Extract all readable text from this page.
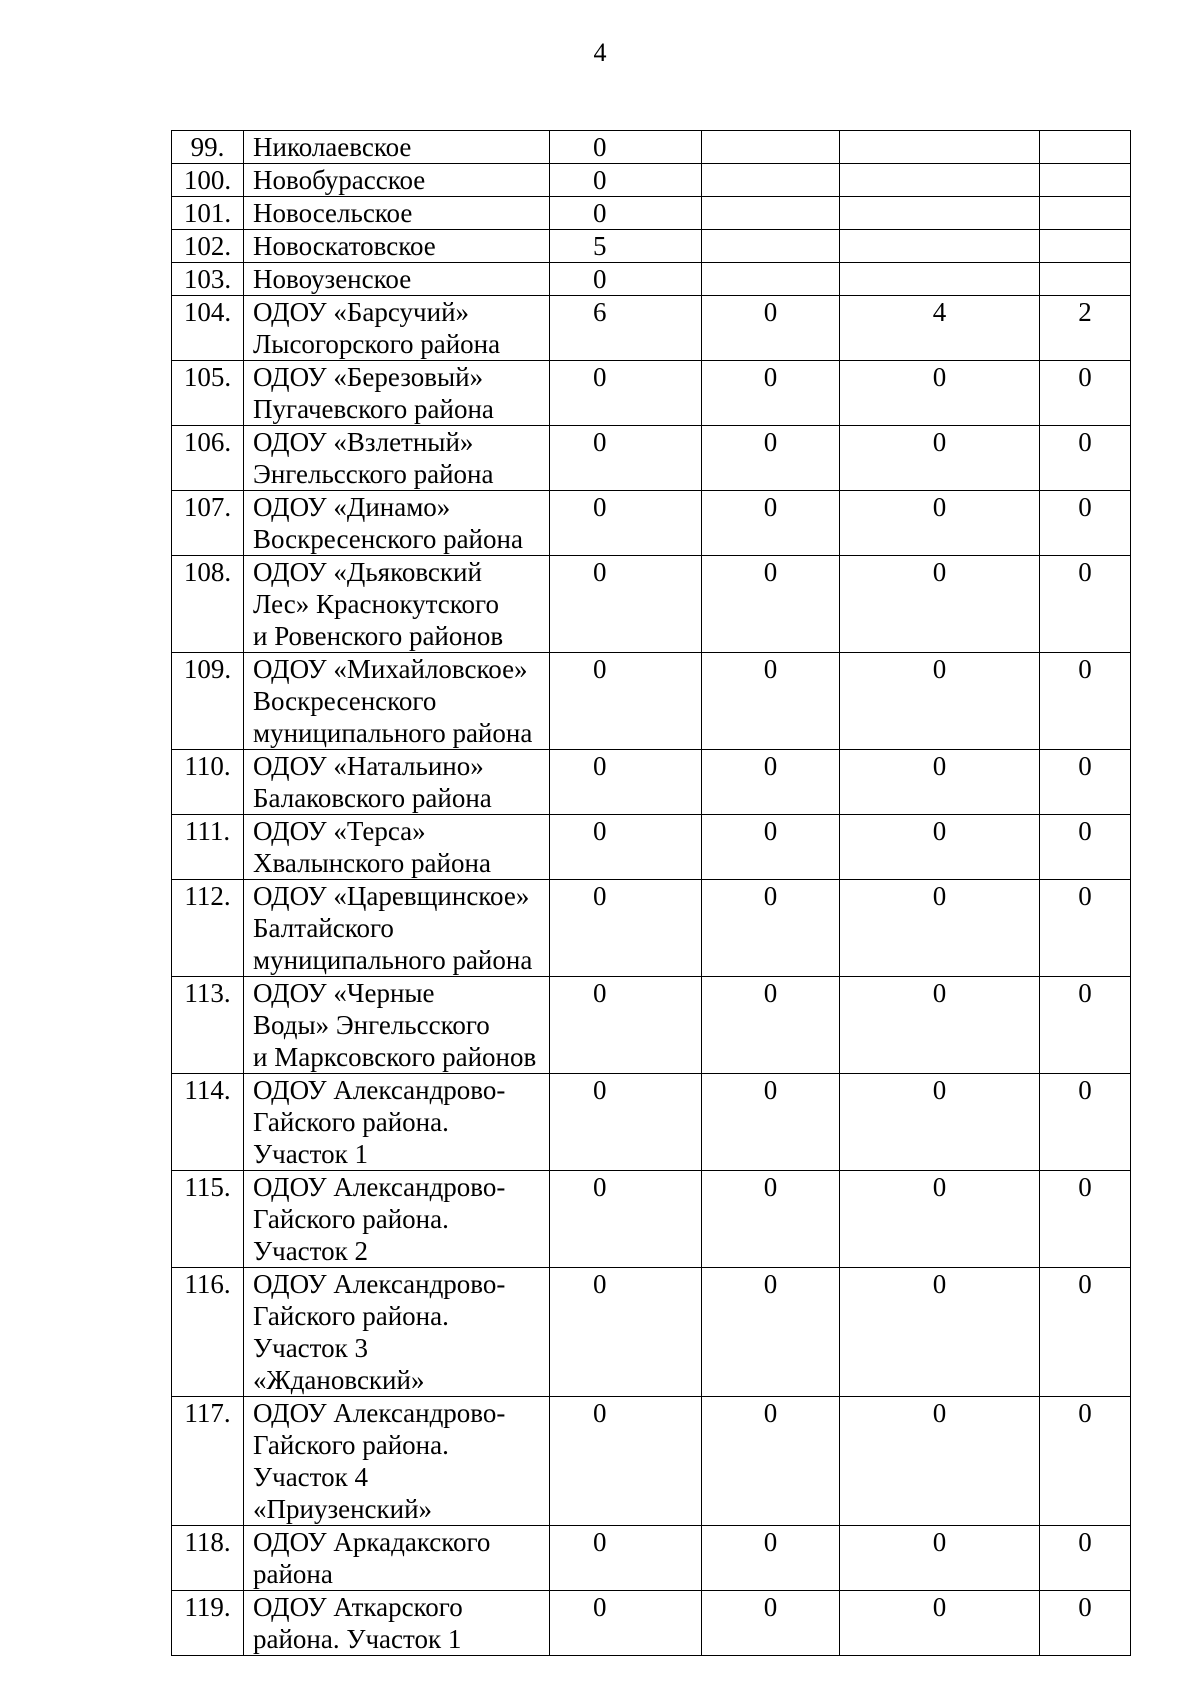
4
99.	Николаевское	0			
100.	Новобурасское	0			
101.	Новосельское	0			
102.	Новоскатовское	5			
103.	Новоузенское	0			
104.	ОДОУ «Барсучий»
Лысогорского района	6	0	4	2
105.	ОДОУ «Березовый»
Пугачевского района	0	0	0	0
106.	ОДОУ «Взлетный»
Энгельсского района	0	0	0	0
107.	ОДОУ «Динамо»
Воскресенского района	0	0	0	0
108.	ОДОУ «Дьяковский
Лес» Краснокутского
и Ровенского районов	0	0	0	0
109.	ОДОУ «Михайловское»
Воскресенского
муниципального района	0	0	0	0
110.	ОДОУ «Натальино»
Балаковского района	0	0	0	0
111.	ОДОУ «Терса»
Хвалынского района	0	0	0	0
112.	ОДОУ «Царевщинское»
Балтайского
муниципального района	0	0	0	0
113.	ОДОУ «Черные
Воды» Энгельсского
и Марксовского районов	0	0	0	0
114.	ОДОУ Александрово-
Гайского района.
Участок 1	0	0	0	0
115.	ОДОУ Александрово-
Гайского района.
Участок 2	0	0	0	0
116.	ОДОУ Александрово-
Гайского района.
Участок 3 «Ждановский»	0	0	0	0
117.	ОДОУ Александрово-
Гайского района.
Участок 4 «Приузенский»	0	0	0	0
118.	ОДОУ Аркадакского
района	0	0	0	0
119.	ОДОУ Аткарского
района. Участок 1	0	0	0	0
